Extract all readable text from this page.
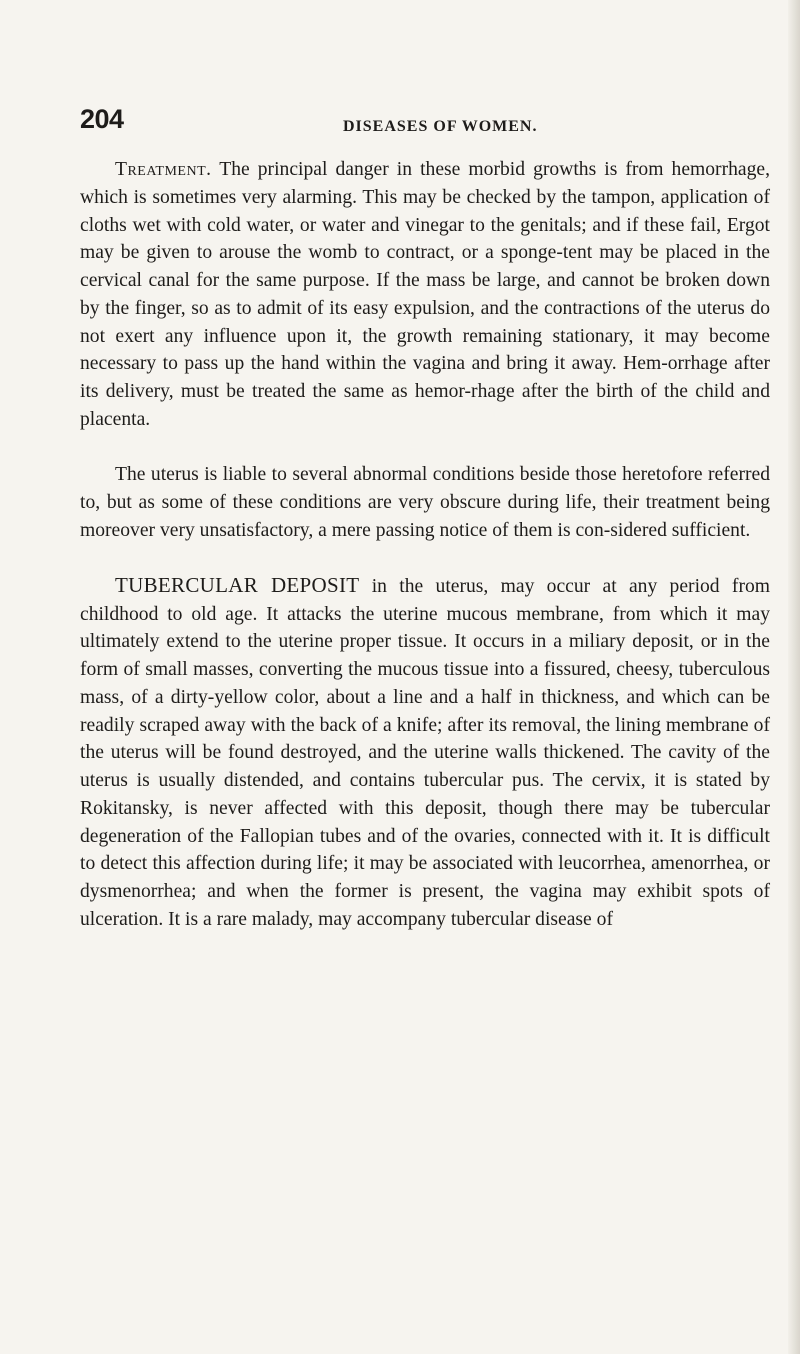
204	DISEASES OF WOMEN.

Treatment. The principal danger in these morbid growths is from hemorrhage, which is sometimes very alarming. This may be checked by the tampon, application of cloths wet with cold water, or water and vinegar to the genitals; and if these fail, Ergot may be given to arouse the womb to contract, or a sponge-tent may be placed in the cervical canal for the same purpose. If the mass be large, and cannot be broken down by the finger, so as to admit of its easy expulsion, and the contractions of the uterus do not exert any influence upon it, the growth remaining stationary, it may become necessary to pass up the hand within the vagina and bring it away. Hem-orrhage after its delivery, must be treated the same as hemor-rhage after the birth of the child and placenta.

The uterus is liable to several abnormal conditions beside those heretofore referred to, but as some of these conditions are very obscure during life, their treatment being moreover very unsatisfactory, a mere passing notice of them is con-sidered sufficient.

TUBERCULAR DEPOSIT in the uterus, may occur at any period from childhood to old age. It attacks the uterine mucous membrane, from which it may ultimately extend to the uterine proper tissue. It occurs in a miliary deposit, or in the form of small masses, converting the mucous tissue into a fissured, cheesy, tuberculous mass, of a dirty-yellow color, about a line and a half in thickness, and which can be readily scraped away with the back of a knife; after its removal, the lining membrane of the uterus will be found destroyed, and the uterine walls thickened. The cavity of the uterus is usually distended, and contains tubercular pus. The cervix, it is stated by Rokitansky, is never affected with this deposit, though there may be tubercular degeneration of the Fallopian tubes and of the ovaries, connected with it. It is difficult to detect this affection during life; it may be associated with leucorrhea, amenorrhea, or dysmenorrhea; and when the former is present, the vagina may exhibit spots of ulceration. It is a rare malady, may accompany tubercular disease of
